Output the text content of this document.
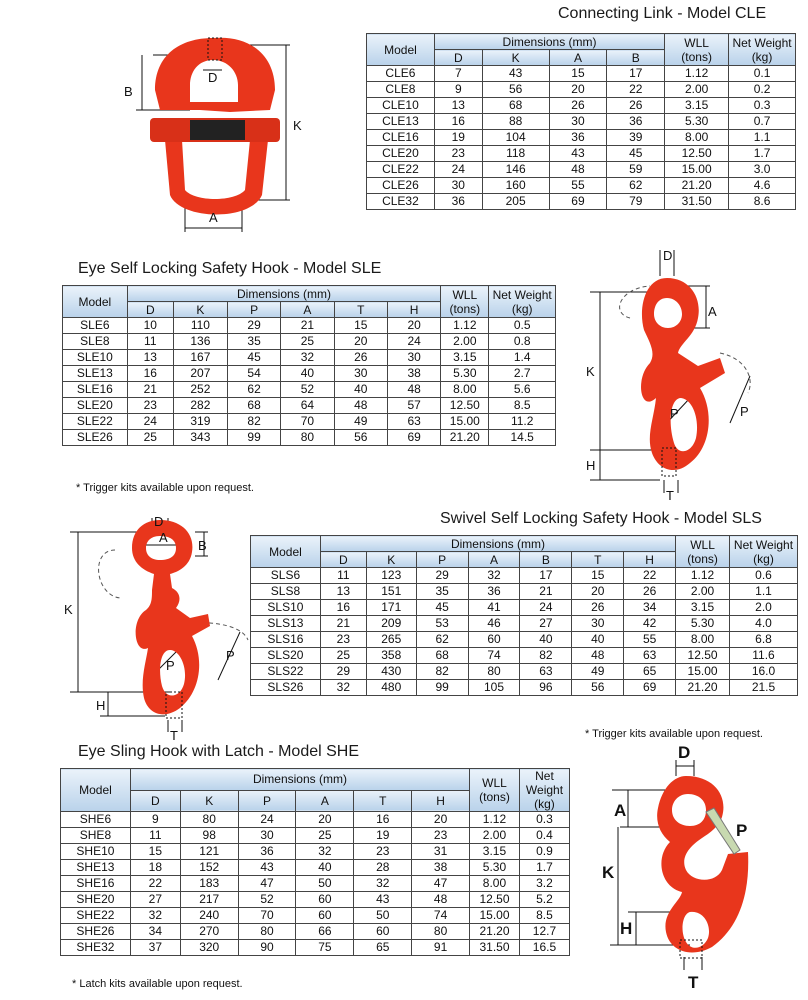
Connecting Link - Model CLE
B
D
K
A
Model	Dimensions (mm)				WLL
(tons)	Net Weight
(kg)
	D	K	A	B		
CLE6	7	43	15	17	1.12	0.1
CLE8	9	56	20	22	2.00	0.2
CLE10	13	68	26	26	3.15	0.3
CLE13	16	88	30	36	5.30	0.7
CLE16	19	104	36	39	8.00	1.1
CLE20	23	118	43	45	12.50	1.7
CLE22	24	146	48	59	15.00	3.0
CLE26	30	160	55	62	21.20	4.6
CLE32	36	205	69	79	31.50	8.6
Eye Self Locking Safety Hook - Model SLE
Model	Dimensions (mm)						WLL
(tons)	Net Weight
(kg)
	D	K	P	A	T	H		
SLE6	10	110	29	21	15	20	1.12	0.5
SLE8	11	136	35	25	20	24	2.00	0.8
SLE10	13	167	45	32	26	30	3.15	1.4
SLE13	16	207	54	40	30	38	5.30	2.7
SLE16	21	252	62	52	40	48	8.00	5.6
SLE20	23	282	68	64	48	57	12.50	8.5
SLE22	24	319	82	70	49	63	15.00	11.2
SLE26	25	343	99	80	56	69	21.20	14.5
* Trigger kits available upon request.
D
A
K
P	P
H
T
Swivel Self Locking Safety Hook - Model SLS
D
A
B
K
P
P
H
T
Model	Dimensions (mm)							WLL
(tons)	Net Weight
(kg)
	D	K	P	A	B	T	H		
SLS6	11	123	29	32	17	15	22	1.12	0.6
SLS8	13	151	35	36	21	20	26	2.00	1.1
SLS10	16	171	45	41	24	26	34	3.15	2.0
SLS13	21	209	53	46	27	30	42	5.30	4.0
SLS16	23	265	62	60	40	40	55	8.00	6.8
SLS20	25	358	68	74	82	48	63	12.50	11.6
SLS22	29	430	82	80	63	49	65	15.00	16.0
SLS26	32	480	99	105	96	56	69	21.20	21.5
* Trigger kits available upon request.
Eye Sling Hook with Latch - Model SHE
Model	Dimensions (mm)						WLL
(tons)	Net Weight
(kg)
	D	K	P	A	T	H		
SHE6	9	80	24	20	16	20	1.12	0.3
SHE8	11	98	30	25	19	23	2.00	0.4
SHE10	15	121	36	32	23	31	3.15	0.9
SHE13	18	152	43	40	28	38	5.30	1.7
SHE16	22	183	47	50	32	47	8.00	3.2
SHE20	27	217	52	60	43	48	12.50	5.2
SHE22	32	240	70	60	50	74	15.00	8.5
SHE26	34	270	80	66	60	80	21.20	12.7
SHE32	37	320	90	75	65	91	31.50	16.5
* Latch kits available upon request.
D
A
P
K
H
T
